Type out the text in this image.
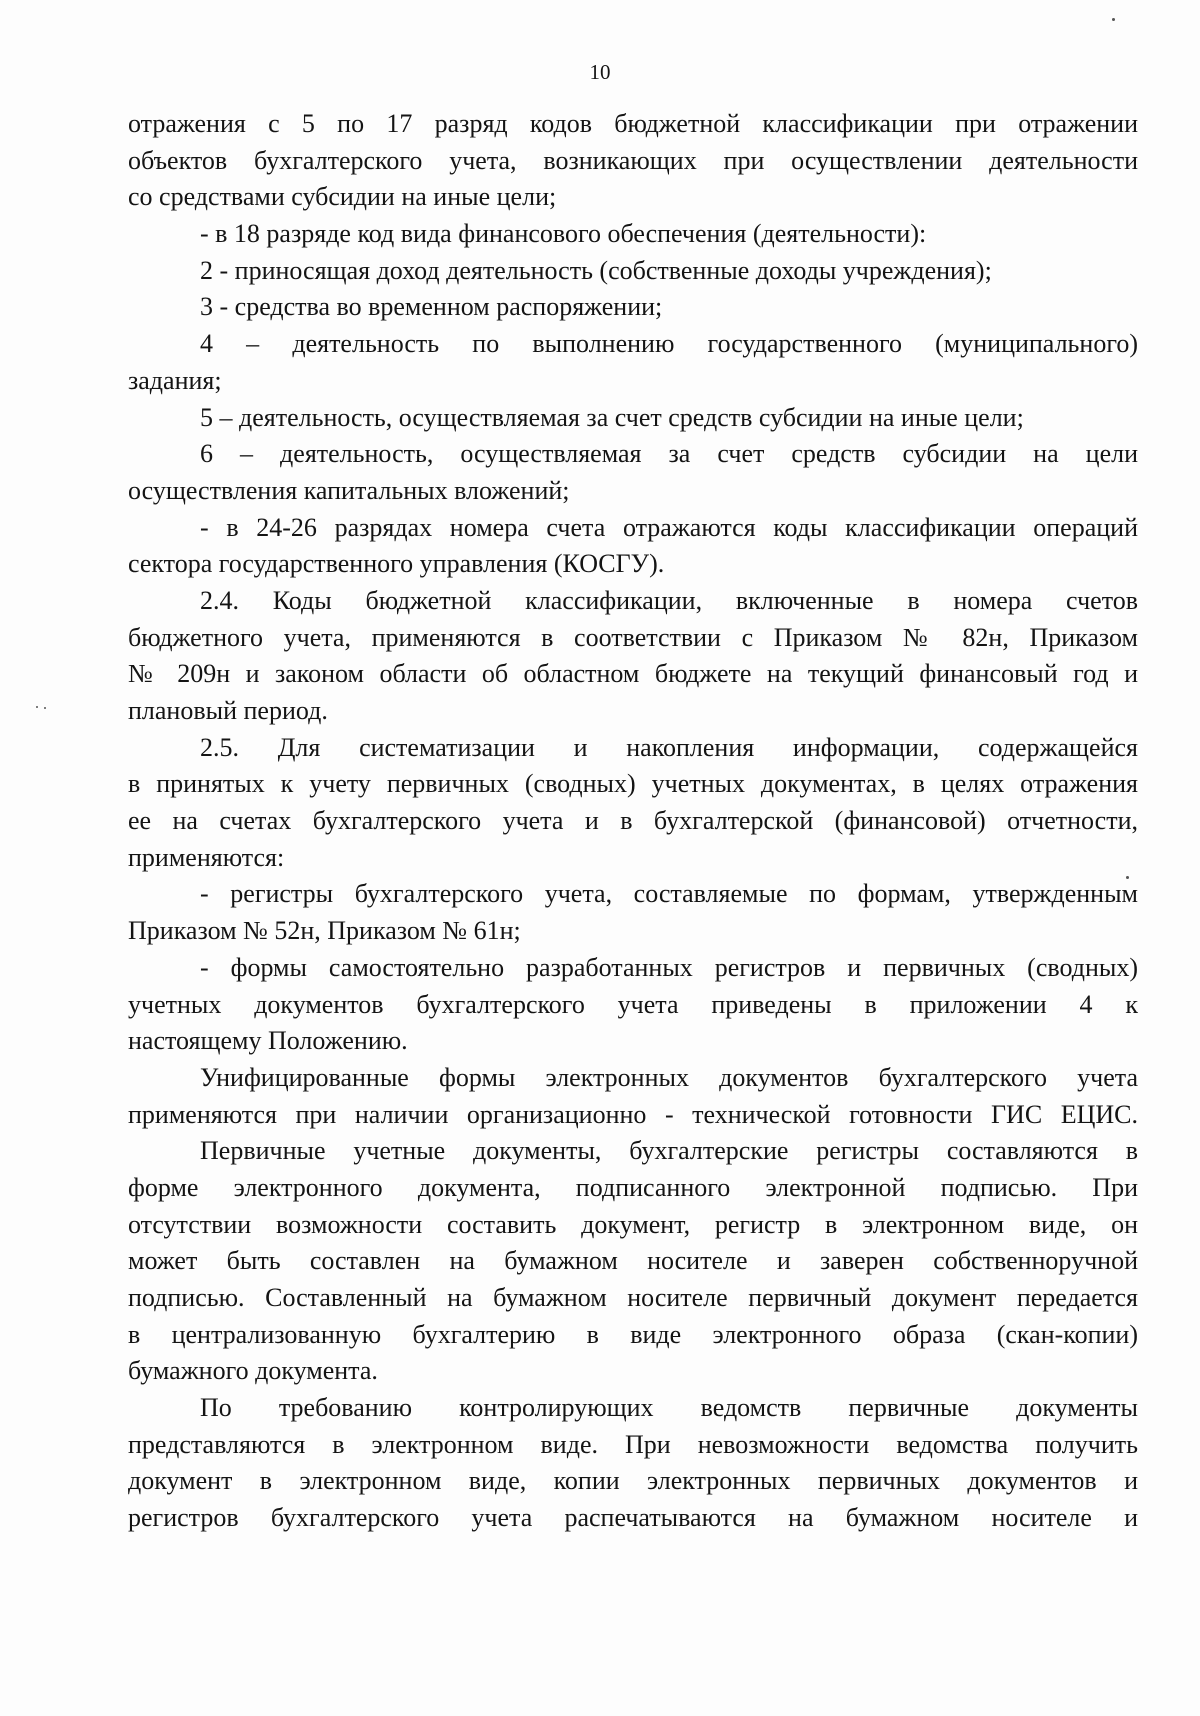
10
отражения с 5 по 17 разряд кодов бюджетной классификации при отражении
объектов бухгалтерского учета, возникающих при осуществлении деятельности
со средствами субсидии на иные цели;
- в 18 разряде код вида финансового обеспечения (деятельности):
2 - приносящая доход деятельность (собственные доходы учреждения);
3 - средства во временном распоряжении;
4 – деятельность по выполнению государственного (муниципального)
задания;
5 – деятельность, осуществляемая за счет средств субсидии на иные цели;
6 – деятельность, осуществляемая за счет средств субсидии на цели
осуществления капитальных вложений;
- в 24-26 разрядах номера счета отражаются коды классификации операций
сектора государственного управления (КОСГУ).
2.4. Коды бюджетной классификации, включенные в номера счетов
бюджетного учета, применяются в соответствии с Приказом № 82н, Приказом
№ 209н и законом области об областном бюджете на текущий финансовый год и
плановый период.
2.5. Для систематизации и накопления информации, содержащейся
в принятых к учету первичных (сводных) учетных документах, в целях отражения
ее на счетах бухгалтерского учета и в бухгалтерской (финансовой) отчетности,
применяются:
- регистры бухгалтерского учета, составляемые по формам, утвержденным
Приказом № 52н, Приказом № 61н;
- формы самостоятельно разработанных регистров и первичных (сводных)
учетных документов бухгалтерского учета приведены в приложении 4 к
настоящему Положению.
Унифицированные формы электронных документов бухгалтерского учета
применяются при наличии организационно - технической готовности ГИС ЕЦИС.
Первичные учетные документы, бухгалтерские регистры составляются в
форме электронного документа, подписанного электронной подписью. При
отсутствии возможности составить документ, регистр в электронном виде, он
может быть составлен на бумажном носителе и заверен собственноручной
подписью. Составленный на бумажном носителе первичный документ передается
в централизованную бухгалтерию в виде электронного образа (скан-копии)
бумажного документа.
По требованию контролирующих ведомств первичные документы
представляются в электронном виде. При невозможности ведомства получить
документ в электронном виде, копии электронных первичных документов и
регистров бухгалтерского учета распечатываются на бумажном носителе и
